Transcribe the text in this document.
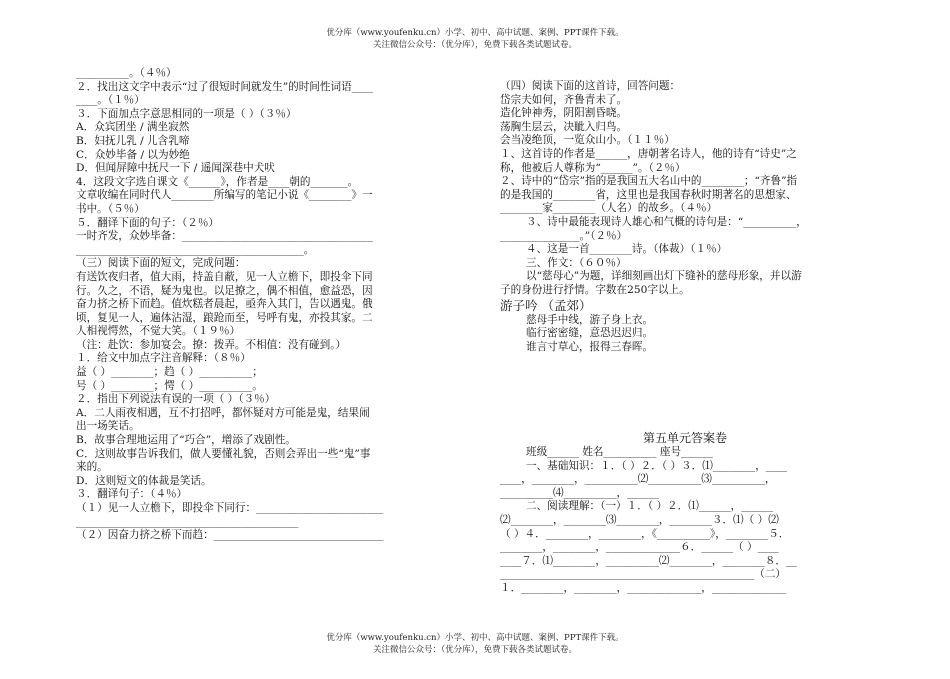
优分库（www.youfenku.cn）小学、初中、高中试题、案例、PPT课件下载。
关注微信公众号：（优分库），免费下载各类试题试卷。
__________。（４％）
２．找出这文字中表示“过了很短时间就发生”的时间性词语____
____。（１％）
３．下面加点字意思相同的一项是（ ）（３％）
A．众宾团坐 / 满坐寂然
B．妇抚儿乳 / 儿含乳啼
C．众妙毕备 / 以为妙绝
D．但闻屏障中抚尺一下 / 遥闻深巷中犬吠
4．这段文字选自课文《______》，作者是____朝的_______。
文章收编在同时代人________所编写的笔记小说《________》一
书中。（５％）
５．翻译下面的句子：（２％）
一时齐发，众妙毕备：____________________________________
___________________________________________。
（三）阅读下面的短文，完成问题：
有送饮夜归者，值大雨，持盖自蔽，见一人立檐下，即投伞下同
行。久之，不语，疑为鬼也。以足撩之，偶不相值，愈益恐，因
奋力挤之桥下而趋。值炊糕者晨起，亟奔入其门，告以遇鬼。俄
顷，复见一人，遍体沾湿，踉跄而至，号呼有鬼，亦投其家。二
人相视愕然，不觉大笑。（１９％）
（注：赴饮：参加宴会。撩：拨弄。不相值：没有碰到。）
１．给文中加点字注音解释：（８％）
益（ ）________；趋（ ）__________；
号（ ）________；愕（ ）__________。
２．指出下列说法有误的一项（ ）（３％）
A．二人雨夜相遇，互不打招呼，都怀疑对方可能是鬼，结果闹
出一场笑话。
B．故事合理地运用了“巧合”，增添了戏剧性。
C．这则故事告诉我们，做人要懂礼貌，否则会弄出一些“鬼”事
来的。
D．这则短文的体裁是笑话。
３．翻译句子：（４％）
（１）见一人立檐下，即投伞下同行：________________________
__________________________________________
（２）因奋力挤之桥下而趋：________________________________
（四）阅读下面的这首诗，回答问题：
岱宗夫如何，齐鲁青未了。
造化钟神秀，阴阳割昏晓。
荡胸生层云，决眦入归鸟。
会当凌绝顶，一览众山小。（１１％）
１、这首诗的作者是______，唐朝著名诗人，他的诗有“诗史”之
称，他被后人尊称为“______”。（２％）
２、诗中的“岱宗”指的是我国五大名山中的________；“齐鲁”指
的是我国的________省，这里也是我国春秋时期著名的思想家、
________家________（人名）的故乡。（４％）
３、诗中最能表现诗人雄心和气概的诗句是：“__________，
_______________。”（２％）
４、这是一首________诗。（体裁）（１％）
三、作文：（６０％）
以“慈母心”为题，详细刻画出灯下缝补的慈母形象，并以游
子的身份进行抒情。字数在250字以上。
游子吟 （孟郊）
慈母手中线，游子身上衣。
临行密密缝，意恐迟迟归。
谁言寸草心，报得三春晖。
第五单元答案卷
班级______ 姓名__________ 座号______
一、基础知识：１．（ ）２．（ ）３．⑴________，____
____，________，__________⑵__________⑶__________，
__________⑷__________，______
二、阅读理解：（一）１．（ ）２．⑴______，______
⑵________，________⑶________，________３．⑴（ ）⑵
（ ）４．________，________，《__________》，________５．
________，________，______________６．______（ ）____
____７．⑴________，__________⑵________，________８．__
________________________________________________（二）
１．________，________，______________，______________
优分库（www.youfenku.cn）小学、初中、高中试题、案例、PPT课件下载。
关注微信公众号：（优分库），免费下载各类试题试卷。
